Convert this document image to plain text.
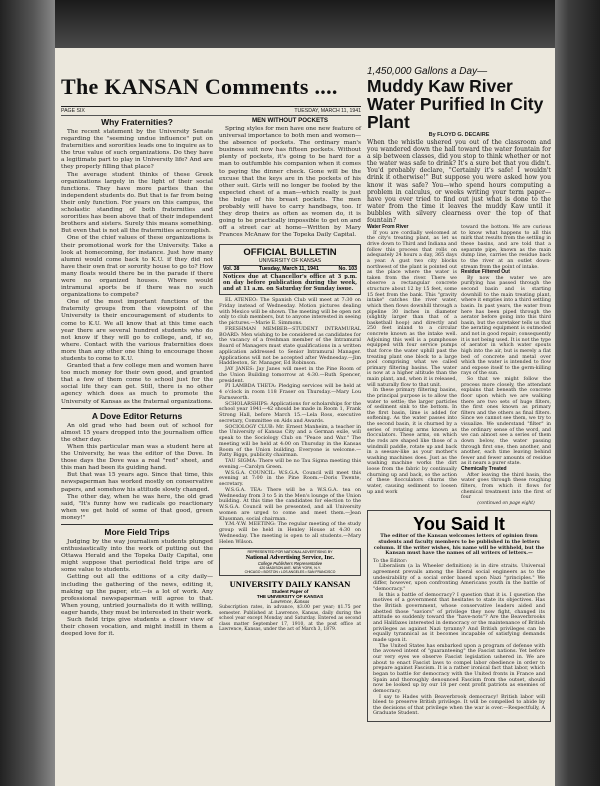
The KANSAN Comments ....
PAGE SIX	TUESDAY, MARCH 11, 1941
Why Fraternities?

The recent statement by the University Senate regarding the "seeming undue influence" put on fraternities and sororities leads one to inquire as to the true value of such organizations. Do they have a legitimate part to play in University life? And are they properly filling that place?

The average student thinks of these Greek organizations largely in the light of their social functions. They have more parties than the independent students do. But that is far from being their only function. For years on this campus, the scholastic standing of both fraternities and sororities has been above that of their independent brothers and sisters. Surely this means something. But even that is not all the fraternities accomplish.

One of the chief values of these organizations is their promotional work for the University. Take a look at homecoming, for instance. Just how many alumni would come back to K.U. if they did not have their own frat or sorority house to go to? How many floats would there be in the parade if there were no organized houses. Where would intramural sports be if there was no such organizations to compete?

One of the most important functions of the fraternity groups from the viewpoint of the University is their encouragement of students to come to K.U. We all know that at this time each year there are several hundred students who do not know if they will go to college, and, if so, where. Contact with the various fraternities does more than any other one thing to encourage those students to come to K.U.

Granted that a few college men and women have too much money for their own good, and granted that a few of them come to school just for the social life they can get. Still, there is no other agency which does as much to promote the University of Kansas as the fraternal organizations.

A Dove Editor Returns

An old grad who had been out of school for almost 15 years dropped into the journalism office the other day.

When this particular man was a student here at the University, he was the editor of the Dove. In those days the Dove was a real "red" sheet, and this man had been its guiding hand.

But that was 15 years ago. Since that time, this newspaperman has worked mostly on conservative papers, and somehow his attitude slowly changed.

The other day, when he was here, the old grad said, "It's funny how we radicals go reactionary when we get hold of some of that good, green money!"

More Field Trips

Judging by the way journalism students plunged enthusiastically into the work of putting out the Ottawa Herald and the Topeka Daily Capital, one might suppose that periodical field trips are of some value to students.

Getting out all the editions of a city daily—including the gathering of the news, editing it, making up the paper, etc.—is a lot of work. Any professional newspaperman will agree to that. When young, untried journalists do it with willing, eager hands, they must be interested in their work.

Such field trips give students a closer view of their chosen vocation, and might instill in them a deeped love for it.

MEN WITHOUT POCKETS

Spring styles for men have one new feature of universal importance to both men and women—the absence of pockets. The ordinary man's business suit now has fifteen pockets. Without plenty of pockets, it's going to be hard for a man to outfumble his companion when it comes to paying the dinner check. Gone will be the excuse that the keys are in the pockets of his other suit. Girls will no longer be fooled by the expected chest of a man—which really is just the bulge of his breast pockets. The men probably will have to carry handbags, too. If they drop theirs as often as women do, it is going to be practically impossible to get on and off a street car at home—Written by Mary Frances McAnaw for the Topeka Daily Capital.

OFFICIAL BULLETIN
UNIVERSITY OF KANSAS
Vol. 38	Tuesday, March 11, 1941	No. 103
Notices due at Chancellor's office at 3 p.m. on day before publication during the week, and at 11 a.m. on Saturday for Sunday issue.

EL ATENEO: The Spanish Club will meet at 7:30 on Friday instead of Wednesday. Motion pictures dealing with Mexico will be shown. The meeting will be open not only to club members, but to anyone interested in seeing the pictures.—Marie E. Simmons.

FRESHMAN MEMBER—STUDENT INTRAMURAL BOARD: Men wishing to be considered as candidates for the vacancy of a freshman member of the Intramural Board of Managers must state qualifications in a written application addressed to Senior Intramural Manager. Applications will not be accepted after Wednesday.—Jim Haddleston, Sr. Manager, Ed Robinson.

JAY JANES: Jay Janes will meet in the Pine Room of the Union Building tomorrow at 4:30.—Ruth Spencer, president.

PI LAMBDA THETA: Pledging services will be held at 4 o'clock in room 118 Fraser on Thursday.—Mary Lou Farnsworth.

SCHOLARSHIPS: Applications for scholarships for the school year 1941—42 should be made in Room 1, Frank Strong Hall, before March 15.—Lela Ross, executive secretary, Committee on Aids and Awards.

SOCIOLOGY CLUB: Mr. Ernest Manheim, a teacher in the University of Kansas City and a German exile, will speak to the Sociology Club on "Peace and War." The meeting will be held at 4:00 on Thursday in the Kansas Room of the Union building. Everyone is welcome.—Patty Biggs, publicity chairman.

TAU SIGMA: There will be no Tau Sigma meeting this evening.—Carolyn Green.

W.S.G.A. COUNCIL: W.S.G.A. Council will meet this evening at 7:00 in the Pine Room.—Doris Twente, secretary.

W.S.G.A. TEA: There will be a W.S.G.A. tea on Wednesday from 3 to 5 in the Men's lounge of the Union building. At this time the candidates for election to the W.S.G.A. Council will be presented, and all University women are urged to come and meet them.—Jean Klussman, social chairman.

Y.M.-Y.W. MEETING: The regular meeting of the study group will be held in Henley House at 4:30 on Wednesday. The meeting is open to all students.—Mary Helen Wilson.

REPRESENTED FOR NATIONAL ADVERTISING BY
National Advertising Service, Inc.
College Publishers Representative
420 MADISON AVE. NEW YORK, N.Y.
CHICAGO • BOSTON • LOS ANGELES • SAN FRANCISCO
UNIVERSITY DAILY KANSAN
Student Paper of
THE UNIVERSITY OF KANSAS
Lawrence, Kansas
Subscription rates, in advance, $3.00 per year; $1.75 per semester. Published at Lawrence, Kansas, daily during the school year except Monday and Saturday. Entered as second class matter September 17, 1910, at the post office at Lawrence, Kansas, under the act of March 3, 1879.
1,450,000 Gallons a Day—
Muddy Kaw River Water Purified In City Plant
By FLOYD G. DECAIRE
When the whistle ushered you out of the classroom and you wandered down the hall toward the water fountain for a sip between classes, did you stop to think whether or not the water was safe to drink? It's a sure bet that you didn't. You'd probably declare, "Certainly it's safe! I wouldn't drink it otherwise!" But suppose you were asked how you know it was safe? You—who spend hours computing a problem in calculus, or weeks writing your term paper—have you ever tried to find out just what is done to the water from the time it leaves the muddy Kaw until it bubbles with silvery clearness over the top of that fountain?
Water From River

If you are cordially welcomed at the city's treating plant, as let us drive down to Third and Indiana and follow this process that rolls on adequately 24 hours a day, 365 days a year. A gust two city blocks northwest of the plant is pointed out as the place where the water is taken from the river. There we observe a rectangular concrete structure about 12 by 15 feet, some 15 feet from the bank. This "gravity intake" catches the river water, which then flows downhill through a pipeline 30 inches in diameter (slightly larger than that of a basketball hoop) and directly and 250 feet inland to a circular concrete known as the intake well. Adjoining this well is a pumphouse equipped with four service pumps that force the water uphill past the treating plant one block to a large pool comprising what we called primary filtering basins. The water is now at a higher altitude than the main plant, and, when it is released, will naturally flow to that unit.

In these primary filtering basins, the principal purpose is to allow the water to settle; the larger particles of sediment sink to the bottom. In the first basin, lime is added for softening. As the water passes into the second basin, it is churned by a series of rotating arms known as flocculators. These arms, on which the rods are shaped like those of a windmill paddle, rotate up and back in a seesaw-like as your mother's washing machines does. Just as the washing machine works the dirt loose from the fabric by continually churning up and back, so the action of these flocculators churns the water, causing sediment to loosen up and work

toward the bottom. We are curious to know what happens to all this mirk that results from the settling in these basins, and are told that a separate pipe, known as the main dump line, carries the residue back to the river at an outlet down-stream from the point of intake.

Residue Filtered Out

By now the water we are purifying has passed through the second basin and is starting downhill to the main treating plant, where it empties into a third settling basin. In past years, the water from here has been piped through the aerator before going into this third basin, but the caretaker tells us that the aerating equipment is outmoded and not in good repair; consequently it is not being used. It is not the type of aerator in which water spouts high into the air, but is merely a flat bed of concrete and metal over which the water is intended to flow and expose itself to the germ-killing rays of the sun.

So that we might follow the process more closely, the attendant explains that beneath the concrete floor upon which we are walking there are two sets of huge filters, the first ones known as primary filters and the others as final filters. Since we cannot see them, we try to visualize. We understand "filter" in the ordinary sense of the word, and we can almost see a series of them down below, the water passing through first one, then another, and another, each time leaving behind fewer and fewer amounts of residue as it nears a purer state.

Chemically Treated

After leaving the third basin, the water goes through these roughing filters, from which it flows for chemical treatment into the first of four

(continued on page eight)
You Said It
The editor of the Kansan welcomes letters of opinion from students and faculty members to be published in the letters column. If the writer wishes, his name will be withheld, but the Kansan must have the names of all writers of letters.—
To the Editor:

Liberalism (a la Wheeler definition) is in dire straits. Universal agreement prevails among the liberal social engineers as to the undesirability of a social order based upon Nazi "principles." We differ, however, upon confronting Americans youth in the battle of "democracy."

Is this a battle of democracy? I question that it is. I question the motives of a government that hesitates to state its objectives. Has the British government, whose conservative leaders aided and abetted those "saviors" of privilege they now fight, changed its attitude so suddenly toward the "have-nots"? Are the Beaverbrooks and Halifaxes interested in democracy or the maintenance of British privileges as against Nazi tyranny? And British privileges can be equally tyrannical as it becomes incapable of satisfying demands made upon it.

The United States has embarked upon a program of defense with the avowed intent of "guaranteeing" the Fascist nations. Yet before our very eyes we observe Fascist legislation ushered in. We are about to enact Fascist laws to compel labor obedience in order to prepare against Fascism. It is a rather ironical fact that labor, which began to battle for democracy with the United fronts in France and Spain and thoroughly denounced Fascism from the outset, should now be looked up by our 18 per cent profit patriots as enemies of democracy.

I say to Hades with Beaverbrook democracy! British labor will bleed to preserve British privilege. It will be compelled to abide by the decisions of that privilege when the war is over.—Respectfully, A Graduate Student.
